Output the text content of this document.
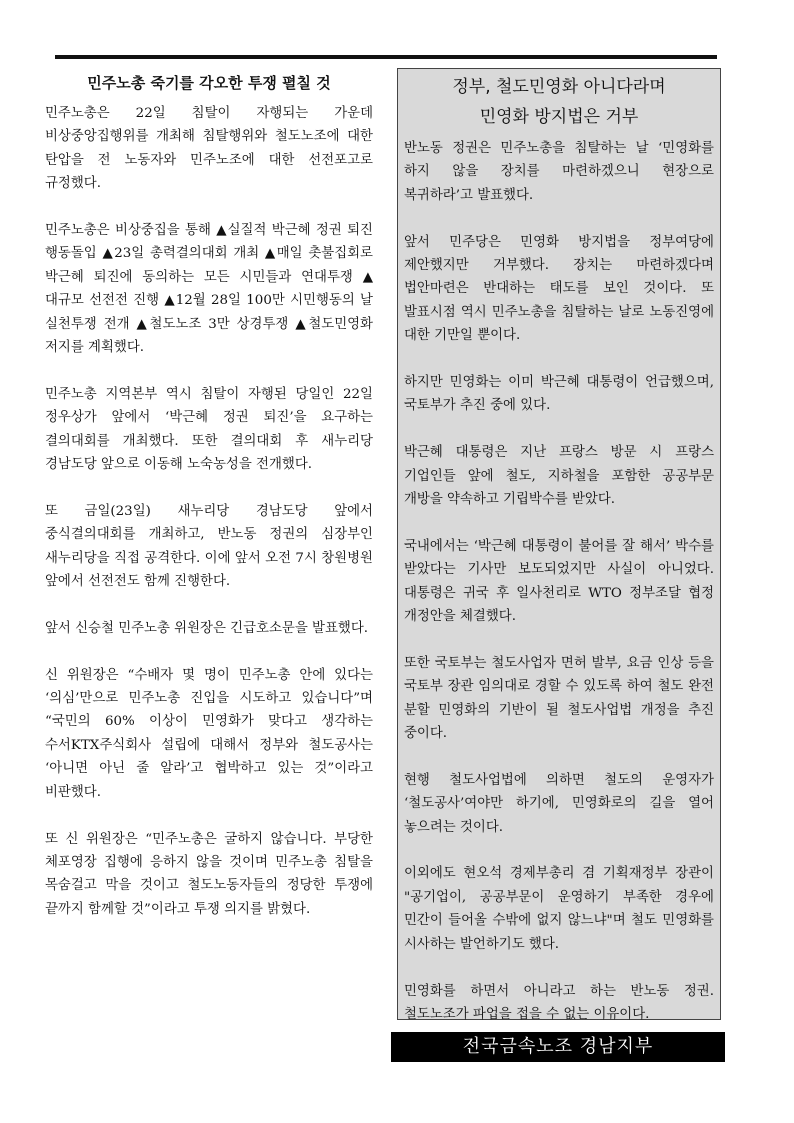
민주노총 죽기를 각오한 투쟁 펼칠 것

민주노총은 22일 침탈이 자행되는 가운데 비상중앙집행위를 개최해 침탈행위와 철도노조에 대한 탄압을 전 노동자와 민주노조에 대한 선전포고로 규정했다.

민주노총은 비상중집을 통해 ▲실질적 박근혜 정권 퇴진 행동돌입 ▲23일 총력결의대회 개최 ▲매일 촛불집회로 박근혜 퇴진에 동의하는 모든 시민들과 연대투쟁 ▲대규모 선전전 진행 ▲12월 28일 100만 시민행동의 날 실천투쟁 전개 ▲철도노조 3만 상경투쟁 ▲철도민영화 저지를 계획했다.

민주노총 지역본부 역시 침탈이 자행된 당일인 22일 정우상가 앞에서 ‘박근혜 정권 퇴진’을 요구하는 결의대회를 개최했다. 또한 결의대회 후 새누리당 경남도당 앞으로 이동해 노숙농성을 전개했다.

또 금일(23일) 새누리당 경남도당 앞에서 중식결의대회를 개최하고, 반노동 정권의 심장부인 새누리당을 직접 공격한다. 이에 앞서 오전 7시 창원병원 앞에서 선전전도 함께 진행한다.

앞서 신승철 민주노총 위원장은 긴급호소문을 발표했다.

신 위원장은 “수배자 몇 명이 민주노총 안에 있다는 ‘의심’만으로 민주노총 진입을 시도하고 있습니다”며 “국민의 60% 이상이 민영화가 맞다고 생각하는 수서KTX주식회사 설립에 대해서 정부와 철도공사는 ‘아니면 아닌 줄 알라’고 협박하고 있는 것”이라고 비판했다.

또 신 위원장은 “민주노총은 굴하지 않습니다. 부당한 체포영장 집행에 응하지 않을 것이며 민주노총 침탈을 목숨걸고 막을 것이고 철도노동자들의 정당한 투쟁에 끝까지 함께할 것”이라고 투쟁 의지를 밝혔다.

정부, 철도민영화 아니다라며
민영화 방지법은 거부

반노동 정권은 민주노총을 침탈하는 날 ‘민영화를 하지 않을 장치를 마련하겠으니 현장으로 복귀하라’고 발표했다.

앞서 민주당은 민영화 방지법을 정부여당에 제안했지만 거부했다. 장치는 마련하겠다며 법안마련은 반대하는 태도를 보인 것이다. 또 발표시점 역시 민주노총을 침탈하는 날로 노동진영에 대한 기만일 뿐이다.

하지만 민영화는 이미 박근혜 대통령이 언급했으며, 국토부가 추진 중에 있다.

박근혜 대통령은 지난 프랑스 방문 시 프랑스 기업인들 앞에 철도, 지하철을 포함한 공공부문 개방을 약속하고 기립박수를 받았다.

국내에서는 ‘박근혜 대통령이 불어를 잘 해서’ 박수를 받았다는 기사만 보도되었지만 사실이 아니었다. 대통령은 귀국 후 일사천리로 WTO 정부조달 협정 개정안을 체결했다.

또한 국토부는 철도사업자 면허 발부, 요금 인상 등을 국토부 장관 임의대로 경할 수 있도록 하여 철도 완전 분할 민영화의 기반이 될 철도사업법 개정을 추진 중이다.

현행 철도사업법에 의하면 철도의 운영자가 ‘철도공사’여야만 하기에, 민영화로의 길을 열어 놓으려는 것이다.

이외에도 현오석 경제부총리 겸 기획재정부 장관이 "공기업이, 공공부문이 운영하기 부족한 경우에 민간이 들어올 수밖에 없지 않느냐"며 철도 민영화를 시사하는 발언하기도 했다.

민영화를 하면서 아니라고 하는 반노동 정권. 철도노조가 파업을 접을 수 없는 이유이다.

전국금속노조 경남지부
